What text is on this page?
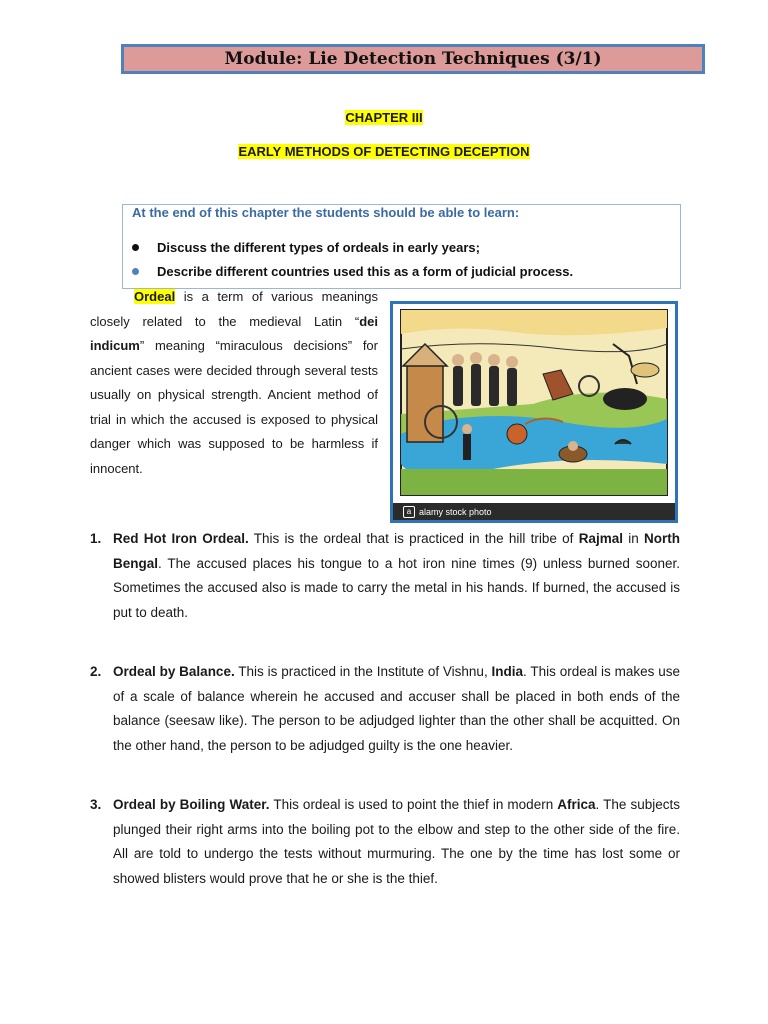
Module: Lie Detection Techniques (3/1)
CHAPTER III
EARLY METHODS OF DETECTING DECEPTION
At the end of this chapter the students should be able to learn:
Discuss the different types of ordeals in early years;
Describe different countries used this as a form of judicial process.
Ordeal is a term of various meanings closely related to the medieval Latin “dei indicum” meaning “miraculous decisions” for ancient cases were decided through several tests usually on physical strength. Ancient method of trial in which the accused is exposed to physical danger which was supposed to be harmless if innocent.
a alamy stock photo
1. Red Hot Iron Ordeal. This is the ordeal that is practiced in the hill tribe of Rajmal in North Bengal. The accused places his tongue to a hot iron nine times (9) unless burned sooner. Sometimes the accused also is made to carry the metal in his hands. If burned, the accused is put to death.
2. Ordeal by Balance. This is practiced in the Institute of Vishnu, India. This ordeal is makes use of a scale of balance wherein he accused and accuser shall be placed in both ends of the balance (seesaw like). The person to be adjudged lighter than the other shall be acquitted. On the other hand, the person to be adjudged guilty is the one heavier.
3. Ordeal by Boiling Water. This ordeal is used to point the thief in modern Africa. The subjects plunged their right arms into the boiling pot to the elbow and step to the other side of the fire. All are told to undergo the tests without murmuring. The one by the time has lost some or showed blisters would prove that he or she is the thief.
